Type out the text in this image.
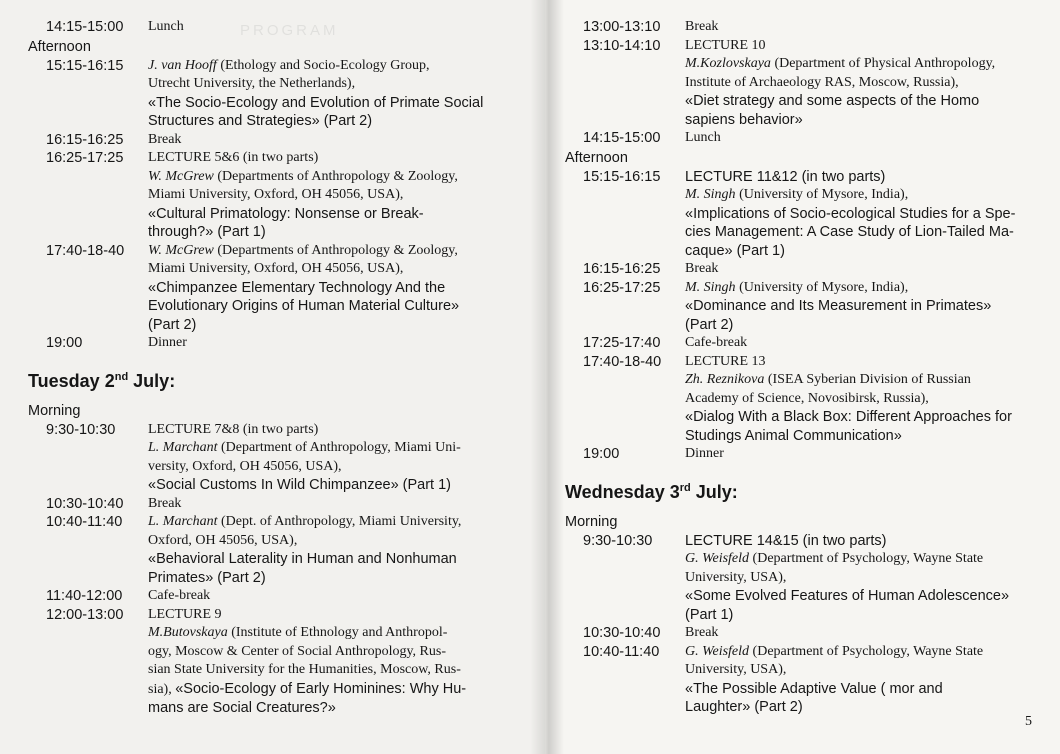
PROGRAM
14:15-15:00	Lunch
Afternoon
15:15-16:15	J. van Hooff (Ethology and Socio-Ecology Group,
Utrecht University, the Netherlands),
«The Socio-Ecology and Evolution of Primate Social
Structures and Strategies» (Part 2)
16:15-16:25	Break
16:25-17:25	LECTURE 5&6 (in two parts)
W. McGrew (Departments of Anthropology & Zoology,
Miami University, Oxford, OH 45056, USA),
«Cultural Primatology: Nonsense or Break-
through?» (Part 1)
17:40-18-40	W. McGrew (Departments of Anthropology & Zoology,
Miami University, Oxford, OH 45056, USA),
«Chimpanzee Elementary Technology And the
Evolutionary Origins of Human Material Culture»
(Part 2)
19:00	Dinner
Tuesday 2nd July:
Morning
9:30-10:30	LECTURE 7&8 (in two parts)
L. Marchant (Department of Anthropology, Miami Uni-
versity, Oxford, OH 45056, USA),
«Social Customs In Wild Chimpanzee» (Part 1)
10:30-10:40	Break
10:40-11:40	L. Marchant (Dept. of Anthropology, Miami University,
Oxford, OH 45056, USA),
«Behavioral Laterality in Human and Nonhuman
Primates» (Part 2)
11:40-12:00	Cafe-break
12:00-13:00	LECTURE 9
M.Butovskaya (Institute of Ethnology and Anthropol-
ogy, Moscow & Center of Social Anthropology, Rus-
sian State University for the Humanities, Moscow, Rus-
sia), «Socio-Ecology of Early Hominines: Why Hu-
mans are Social Creatures?»
13:00-13:10	Break
13:10-14:10	LECTURE 10
M.Kozlovskaya (Department of Physical Anthropology,
Institute of Archaeology RAS, Moscow, Russia),
«Diet strategy and some aspects of the Homo
sapiens behavior»
14:15-15:00	Lunch
Afternoon
15:15-16:15	LECTURE 11&12 (in two parts)
M. Singh (University of Mysore, India),
«Implications of Socio-ecological Studies for a Spe-
cies Management: A Case Study of Lion-Tailed Ma-
caque» (Part 1)
16:15-16:25	Break
16:25-17:25	M. Singh (University of Mysore, India),
«Dominance and Its Measurement in Primates»
(Part 2)
17:25-17:40	Cafe-break
17:40-18-40	LECTURE 13
Zh. Reznikova (ISEA Syberian Division of Russian
Academy of Science, Novosibirsk, Russia),
«Dialog With a Black Box: Different Approaches for
Studings Animal Communication»
19:00	Dinner
Wednesday 3rd July:
Morning
9:30-10:30	LECTURE 14&15 (in two parts)
G. Weisfeld (Department of Psychology, Wayne State
University, USA),
«Some Evolved Features of Human Adolescence»
(Part 1)
10:30-10:40	Break
10:40-11:40	G. Weisfeld (Department of Psychology, Wayne State
University, USA),
«The Possible Adaptive Value ( mor and
Laughter» (Part 2)
5
